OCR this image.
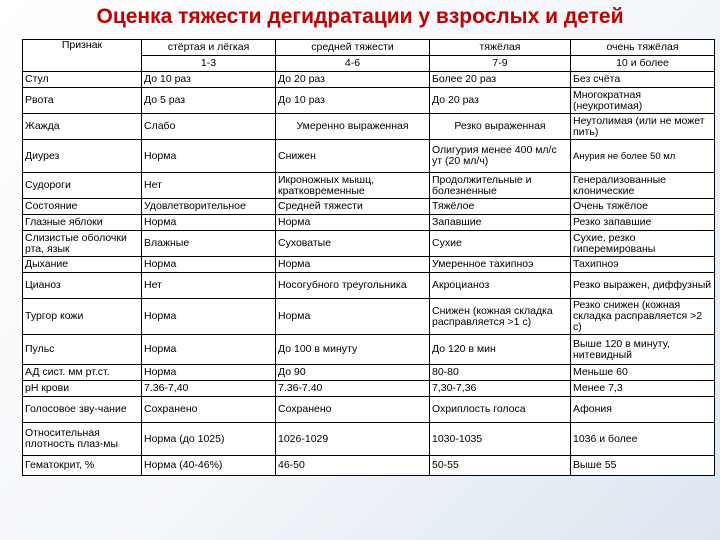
Оценка тяжести дегидратации у взрослых и детей
Признак	стёртая и лёгкая	средней тяжести	тяжёлая	очень тяжёлая
	1-3	4-6	7-9	10 и более
Стул	До 10 раз	До 20 раз	Более 20 раз	Без счёта
Рвота	До 5 раз	До 10 раз	До 20 раз	Многократная (неукротимая)
Жажда	Слабо	Умеренно выраженная	Резко выраженная	Неутолимая (или не может пить)
Диурез	Норма	Снижен	Олигурия менее 400 мл/с ут (20 мл/ч)	Анурия не более 50 мл
Судороги	Нет	Икроножных мышц, кратковременные	Продолжительные и болезненные	Генерализованные клонические
Состояние	Удовлетворительное	Средней тяжести	Тяжёлое	Очень тяжёлое
Глазные яблоки	Норма	Норма	Запавшие	Резко запавшие
Слизистые оболочки рта, язык	Влажные	Суховатые	Сухие	Сухие, резко гиперемированы
Дыхание	Норма	Норма	Умеренное тахипноэ	Тахипноэ
Цианоз	Нет	Носогубного треугольника	Акроцианоз	Резко выражен, диффузный
Тургор кожи	Норма	Норма	Снижен (кожная складка расправляется >1 с)	Резко снижен (кожная складка расправляется >2 с)
Пульс	Норма	До 100 в минуту	До 120 в мин	Выше 120 в минуту, нитевидный
АД сист. мм рт.ст.	Норма	До 90	80-80	Меньше 60
pH крови	7.36-7,40	7.36-7.40	7,30-7,36	Менее 7,3
Голосовое зву-чание	Сохранено	Сохранено	Охриплость голоса	Афония
Относительная плотность плаз-мы	Норма (до 1025)	1026-1029	1030-1035	1036 и более
Гематокрит, %	Норма (40-46%)	46-50	50-55	Выше 55
